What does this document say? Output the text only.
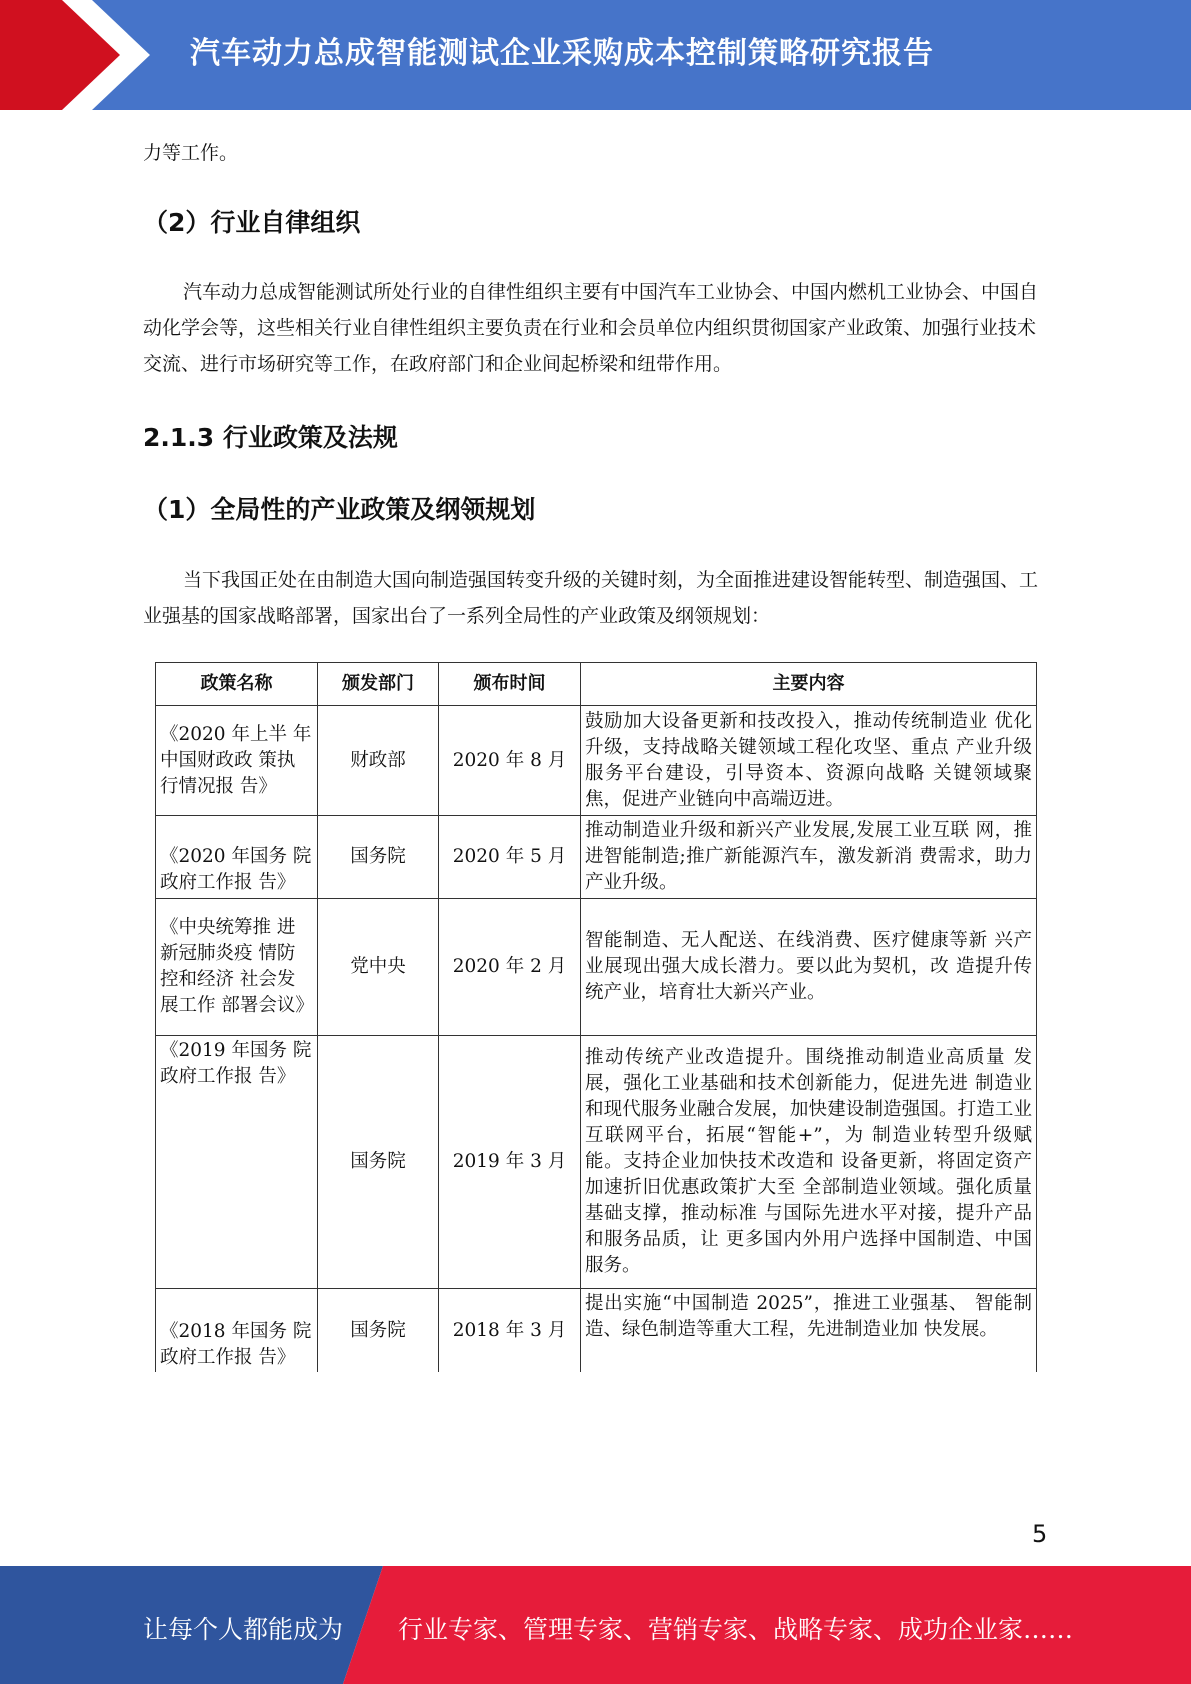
汽车动力总成智能测试企业采购成本控制策略研究报告
力等工作。
（2）行业自律组织
汽车动力总成智能测试所处行业的自律性组织主要有中国汽车工业协会、中国内燃机工业协会、中国自动化学会等，这些相关行业自律性组织主要负责在行业和会员单位内组织贯彻国家产业政策、加强行业技术交流、进行市场研究等工作，在政府部门和企业间起桥梁和纽带作用。
2.1.3 行业政策及法规
（1）全局性的产业政策及纲领规划
当下我国正处在由制造大国向制造强国转变升级的关键时刻，为全面推进建设智能转型、制造强国、工业强基的国家战略部署，国家出台了一系列全局性的产业政策及纲领规划：
政策名称	颁发部门	颁布时间	主要内容
《2020 年上半 年中国财政政 策执行情况报 告》	财政部	2020 年 8 月	鼓励加大设备更新和技改投入，推动传统制造业 优化升级，支持战略关键领域工程化攻坚、重点 产业升级服务平台建设，引导资本、资源向战略 关键领域聚焦，促进产业链向中高端迈进。
《2020 年国务 院政府工作报 告》	国务院	2020 年 5 月	推动制造业升级和新兴产业发展,发展工业互联 网，推进智能制造;推广新能源汽车，激发新消 费需求，助力产业升级。
《中央统筹推 进新冠肺炎疫 情防控和经济 社会发展工作 部署会议》	党中央	2020 年 2 月	智能制造、无人配送、在线消费、医疗健康等新 兴产业展现出强大成长潜力。要以此为契机，改 造提升传统产业，培育壮大新兴产业。
《2019 年国务 院政府工作报 告》	国务院	2019 年 3 月	推动传统产业改造提升。围绕推动制造业高质量 发展，强化工业基础和技术创新能力，促进先进 制造业和现代服务业融合发展，加快建设制造强国。打造工业互联网平台，拓展“智能+”，为 制造业转型升级赋能。支持企业加快技术改造和 设备更新，将固定资产加速折旧优惠政策扩大至 全部制造业领域。强化质量基础支撑，推动标准 与国际先进水平对接，提升产品和服务品质，让 更多国内外用户选择中国制造、中国服务。
《2018 年国务 院政府工作报 告》	国务院	2018 年 3 月	提出实施“中国制造 2025”，推进工业强基、 智能制造、绿色制造等重大工程，先进制造业加 快发展。
5
让每个人都能成为 行业专家、管理专家、营销专家、战略专家、成功企业家……
